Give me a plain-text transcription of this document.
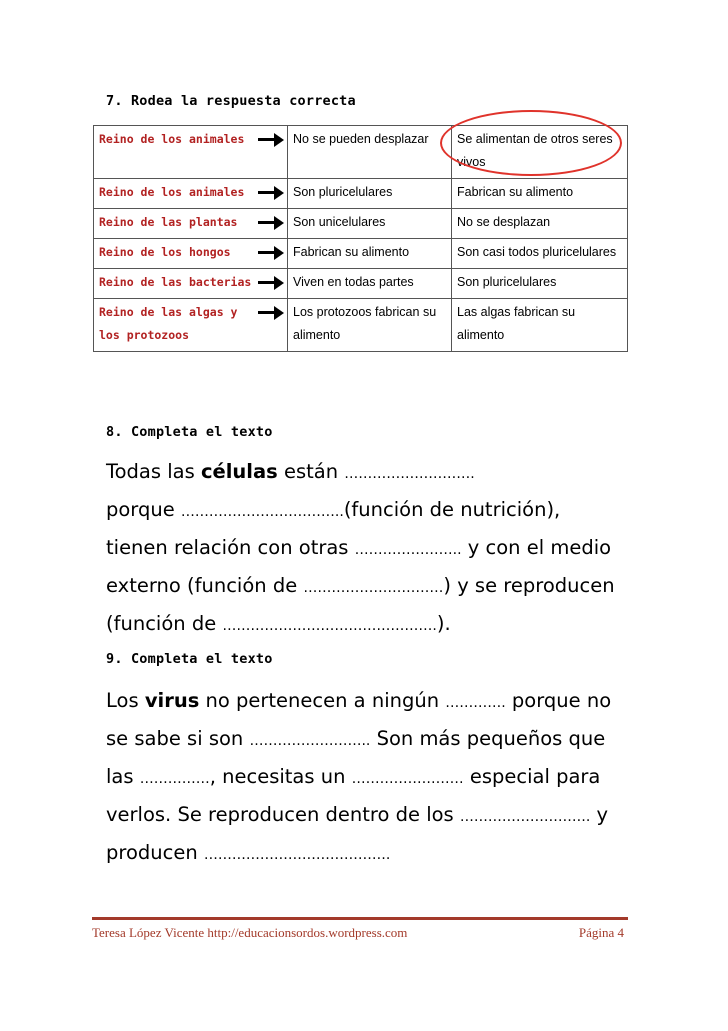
7. Rodea la respuesta correcta
Reino de los animales	No se pueden desplazar	Se alimentan de otros seres vivos
Reino de los animales	Son pluricelulares	Fabrican su alimento
Reino de las plantas	Son unicelulares	No se desplazan
Reino de los hongos	Fabrican su alimento	Son casi todos pluricelulares
Reino de las bacterias	Viven en todas partes	Son pluricelulares
Reino de las algas y los protozoos	Los protozoos fabrican su alimento	Las algas fabrican su alimento
8. Completa el texto

Todas las células están ……………………….
porque ……………………………..(función de nutrición), tienen relación con otras ………………….. y con el medio externo (función de …………………………) y se reproducen (función de ……………………………………….).

9. Completa el texto

Los virus no pertenecen a ningún …………. porque no se sabe si son …………………….. Son más pequeños que las ……………, necesitas un …………………… especial para verlos. Se reproducen dentro de los ………………………. y producen ………………………………….

Teresa López Vicente http://educacionsordos.wordpress.com	Página 4
